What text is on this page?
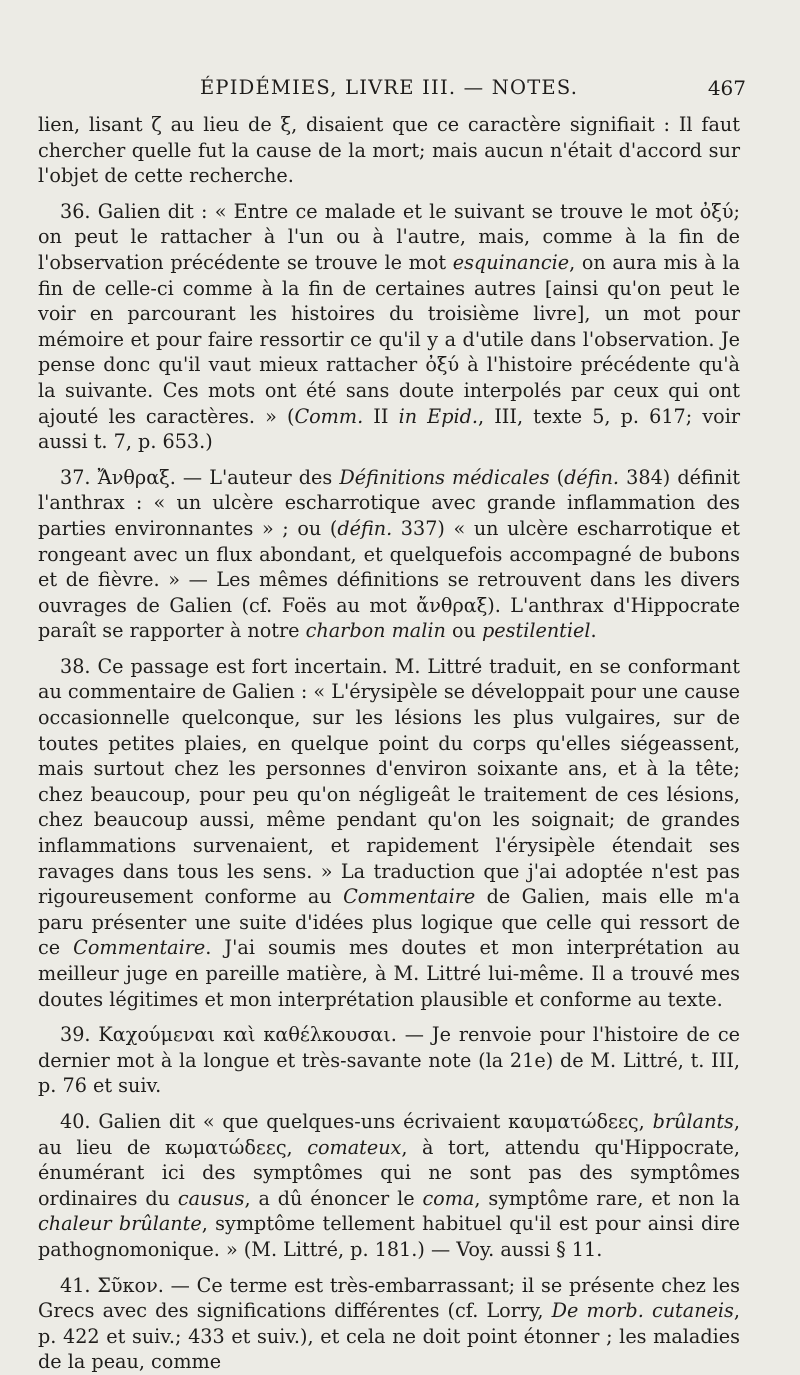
ÉPIDÉMIES, LIVRE III. — NOTES.	467

lien, lisant ζ au lieu de ξ, disaient que ce caractère signifiait : Il faut chercher quelle fut la cause de la mort; mais aucun n'était d'accord sur l'objet de cette recherche.

36. Galien dit : « Entre ce malade et le suivant se trouve le mot ὀξύ; on peut le rattacher à l'un ou à l'autre, mais, comme à la fin de l'observation précédente se trouve le mot esquinancie, on aura mis à la fin de celle-ci comme à la fin de certaines autres [ainsi qu'on peut le voir en parcourant les histoires du troisième livre], un mot pour mémoire et pour faire ressortir ce qu'il y a d'utile dans l'observation. Je pense donc qu'il vaut mieux rattacher ὀξύ à l'histoire précédente qu'à la suivante. Ces mots ont été sans doute interpolés par ceux qui ont ajouté les caractères. » (Comm. II in Epid., III, texte 5, p. 617; voir aussi t. 7, p. 653.)

37. Ἄνθραξ. — L'auteur des Définitions médicales (défin. 384) définit l'anthrax : « un ulcère escharrotique avec grande inflammation des parties environnantes » ; ou (défin. 337) « un ulcère escharrotique et rongeant avec un flux abondant, et quelquefois accompagné de bubons et de fièvre. » — Les mêmes définitions se retrouvent dans les divers ouvrages de Galien (cf. Foës au mot ἄνθραξ). L'anthrax d'Hippocrate paraît se rapporter à notre charbon malin ou pestilentiel.

38. Ce passage est fort incertain. M. Littré traduit, en se conformant au commentaire de Galien : « L'érysipèle se développait pour une cause occasionnelle quelconque, sur les lésions les plus vulgaires, sur de toutes petites plaies, en quelque point du corps qu'elles siégeassent, mais surtout chez les personnes d'environ soixante ans, et à la tête; chez beaucoup, pour peu qu'on négligeât le traitement de ces lésions, chez beaucoup aussi, même pendant qu'on les soignait; de grandes inflammations survenaient, et rapidement l'érysipèle étendait ses ravages dans tous les sens. » La traduction que j'ai adoptée n'est pas rigoureusement conforme au Commentaire de Galien, mais elle m'a paru présenter une suite d'idées plus logique que celle qui ressort de ce Commentaire. J'ai soumis mes doutes et mon interprétation au meilleur juge en pareille matière, à M. Littré lui-même. Il a trouvé mes doutes légitimes et mon interprétation plausible et conforme au texte.

39. Καχούμεναι καὶ καθέλκουσαι. — Je renvoie pour l'histoire de ce dernier mot à la longue et très-savante note (la 21e) de M. Littré, t. III, p. 76 et suiv.

40. Galien dit « que quelques-uns écrivaient καυματώδεες, brûlants, au lieu de κωματώδεες, comateux, à tort, attendu qu'Hippocrate, énumérant ici des symptômes qui ne sont pas des symptômes ordinaires du causus, a dû énoncer le coma, symptôme rare, et non la chaleur brûlante, symptôme tellement habituel qu'il est pour ainsi dire pathognomonique. » (M. Littré, p. 181.) — Voy. aussi § 11.

41. Σῦκον. — Ce terme est très-embarrassant; il se présente chez les Grecs avec des significations différentes (cf. Lorry, De morb. cutaneis, p. 422 et suiv.; 433 et suiv.), et cela ne doit point étonner ; les maladies de la peau, comme
